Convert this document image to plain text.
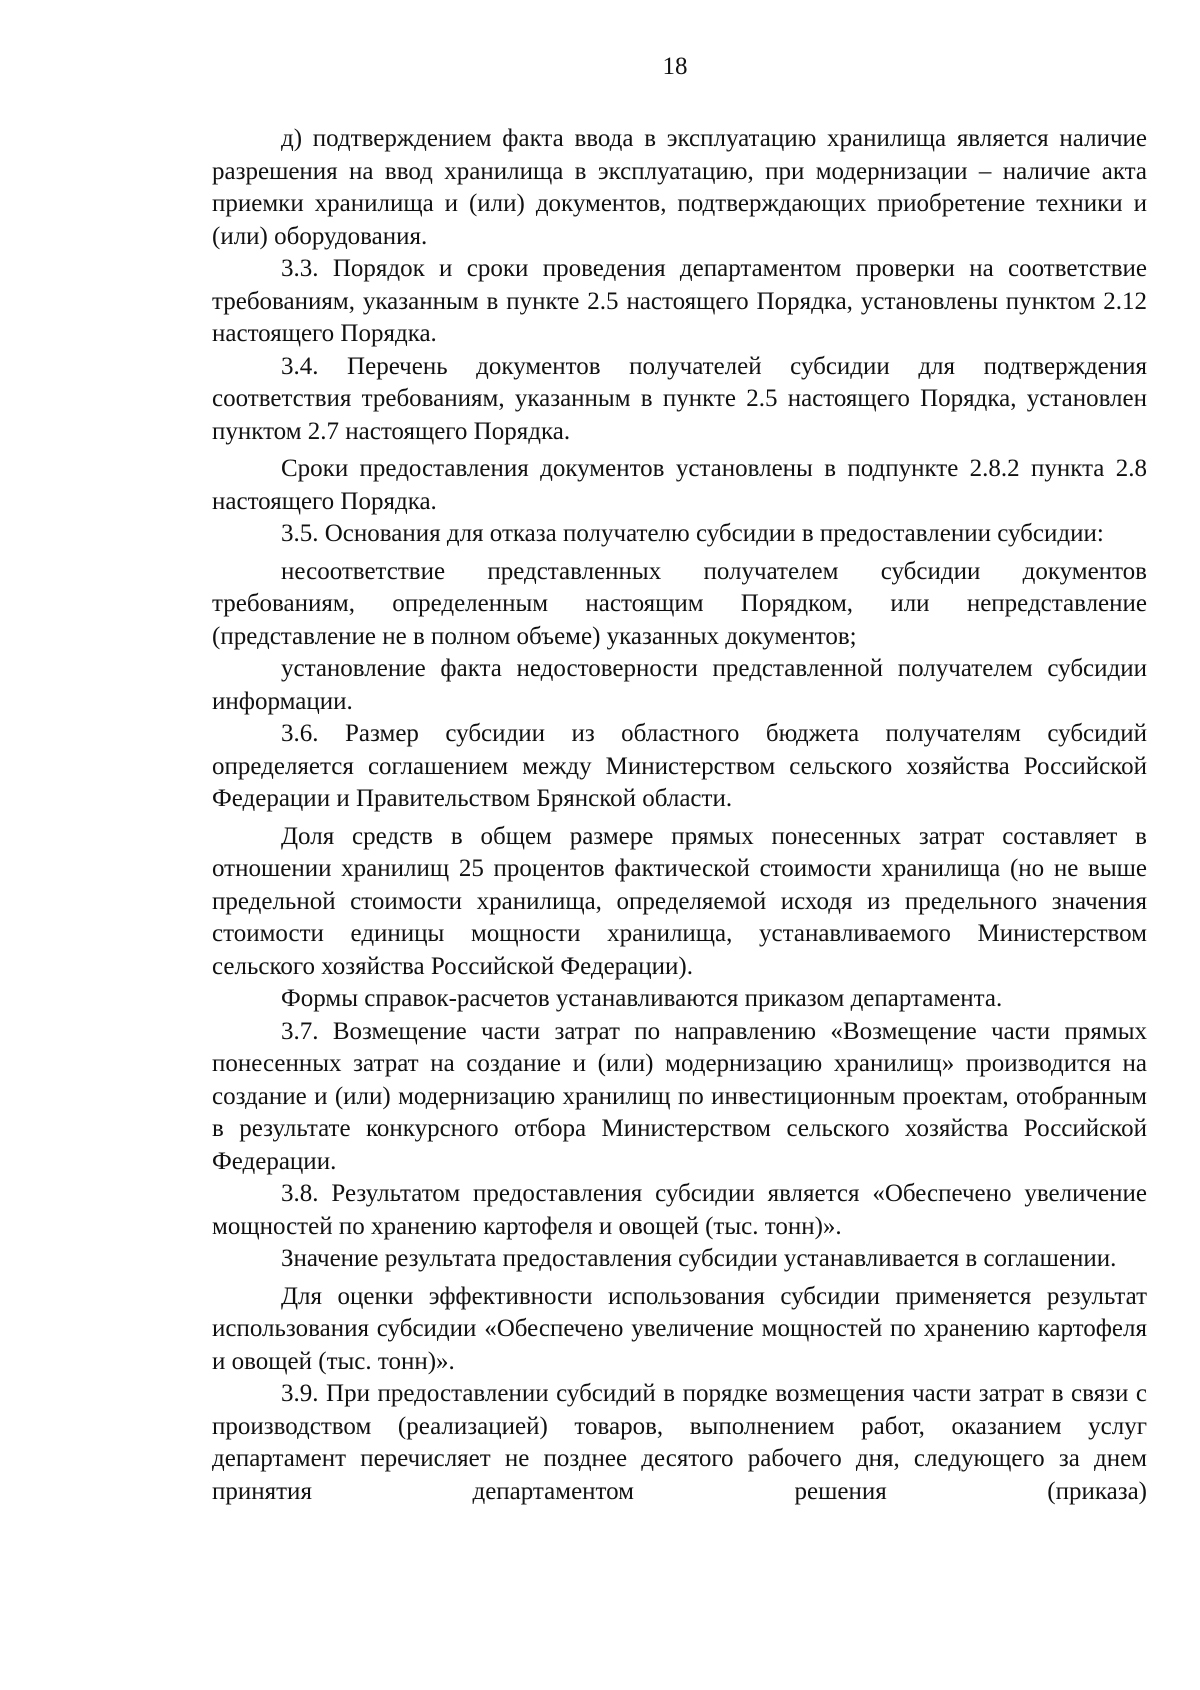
18

д) подтверждением факта ввода в эксплуатацию хранилища является наличие разрешения на ввод хранилища в эксплуатацию, при модернизации – наличие акта приемки хранилища и (или) документов, подтверждающих приобретение техники и (или) оборудования.

3.3. Порядок и сроки проведения департаментом проверки на соответствие требованиям, указанным в пункте 2.5 настоящего Порядка, установлены пунктом 2.12 настоящего Порядка.

3.4. Перечень документов получателей субсидии для подтверждения соответствия требованиям, указанным в пункте 2.5 настоящего Порядка, установлен пунктом 2.7 настоящего Порядка.

Сроки предоставления документов установлены в подпункте 2.8.2 пункта 2.8 настоящего Порядка.

3.5. Основания для отказа получателю субсидии в предоставлении субсидии:

несоответствие представленных получателем субсидии документов требованиям, определенным настоящим Порядком, или непредставление (представление не в полном объеме) указанных документов;

установление факта недостоверности представленной получателем субсидии информации.

3.6. Размер субсидии из областного бюджета получателям субсидий определяется соглашением между Министерством сельского хозяйства Российской Федерации и Правительством Брянской области.

Доля средств в общем размере прямых понесенных затрат составляет в отношении хранилищ 25 процентов фактической стоимости хранилища (но не выше предельной стоимости хранилища, определяемой исходя из предельного значения стоимости единицы мощности хранилища, устанавливаемого Министерством сельского хозяйства Российской Федерации).

Формы справок-расчетов устанавливаются приказом департамента.

3.7. Возмещение части затрат по направлению «Возмещение части прямых понесенных затрат на создание и (или) модернизацию хранилищ» производится на создание и (или) модернизацию хранилищ по инвестиционным проектам, отобранным в результате конкурсного отбора Министерством сельского хозяйства Российской Федерации.

3.8. Результатом предоставления субсидии является «Обеспечено увеличение мощностей по хранению картофеля и овощей (тыс. тонн)».

Значение результата предоставления субсидии устанавливается в соглашении.

Для оценки эффективности использования субсидии применяется результат использования субсидии «Обеспечено увеличение мощностей по хранению картофеля и овощей (тыс. тонн)».

3.9. При предоставлении субсидий в порядке возмещения части затрат в связи с производством (реализацией) товаров, выполнением работ, оказанием услуг департамент перечисляет не позднее десятого рабочего дня, следующего за днем принятия департаментом решения (приказа)
